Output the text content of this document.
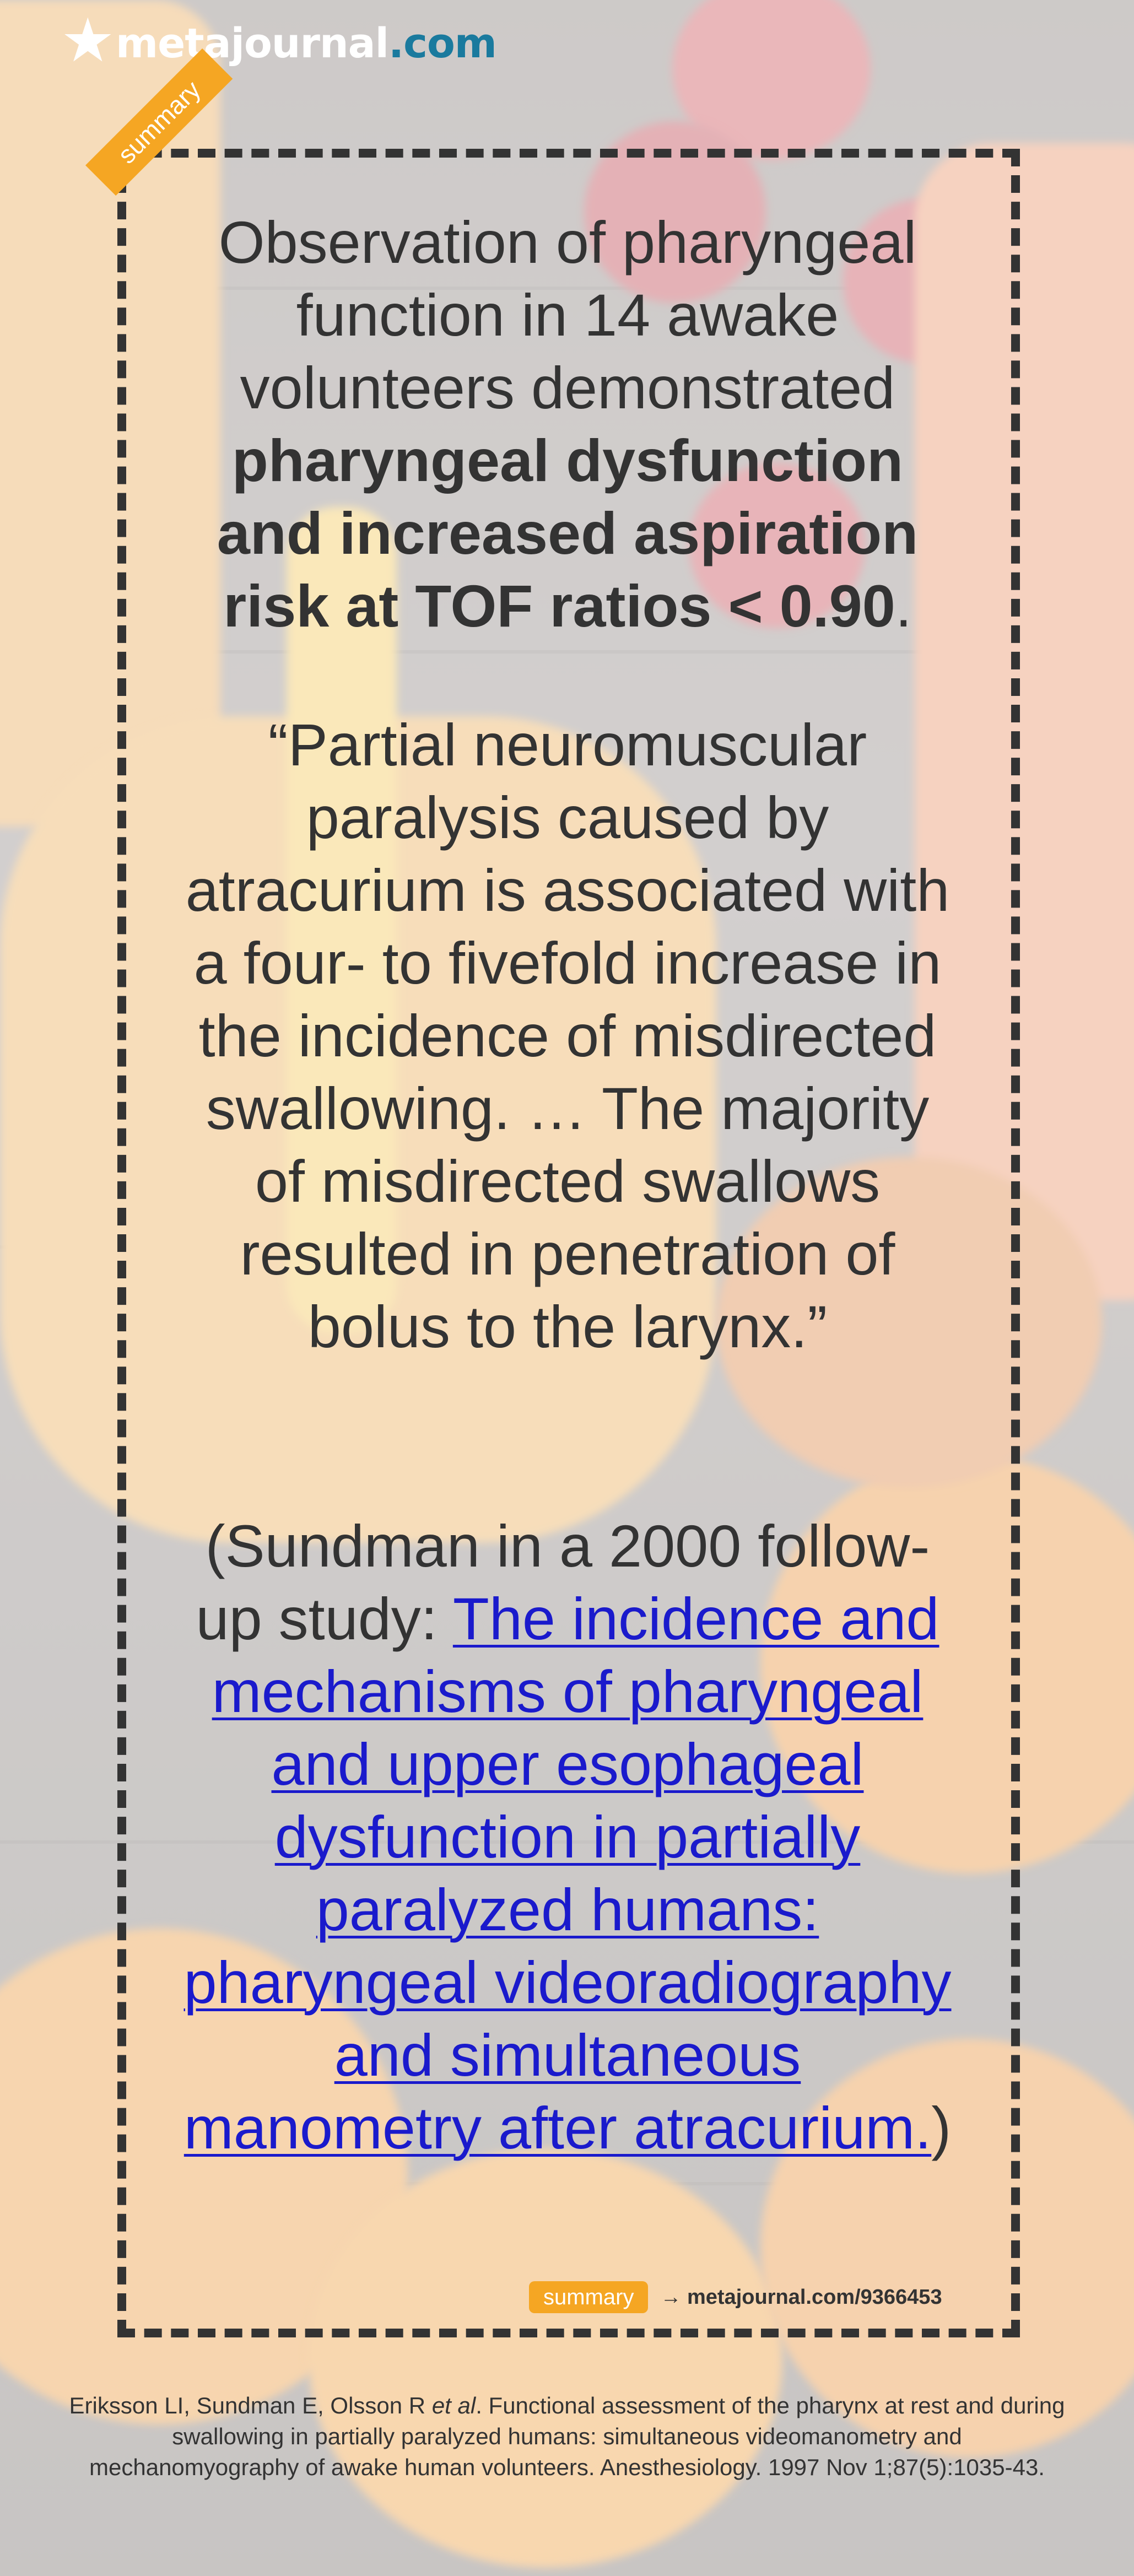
★ metajournal .com
summary
Observation of pharyngeal function in 14 awake volunteers demonstrated pharyngeal dysfunction and increased aspiration risk at TOF ratios < 0.90.
“Partial neuromuscular paralysis caused by atracurium is associated with a four- to fivefold increase in the incidence of misdirected swallowing. … The majority of misdirected swallows resulted in penetration of bolus to the larynx.”
(Sundman in a 2000 follow-up study: The incidence and mechanisms of pharyngeal and upper esophageal dysfunction in partially paralyzed humans: pharyngeal videoradiography and simultaneous manometry after atracurium.)
summary	→ metajournal.com/9366453
Eriksson LI, Sundman E, Olsson R et al. Functional assessment of the pharynx at rest and during swallowing in partially paralyzed humans: simultaneous videomanometry and mechanomyography of awake human volunteers. Anesthesiology. 1997 Nov 1;87(5):1035-43.
